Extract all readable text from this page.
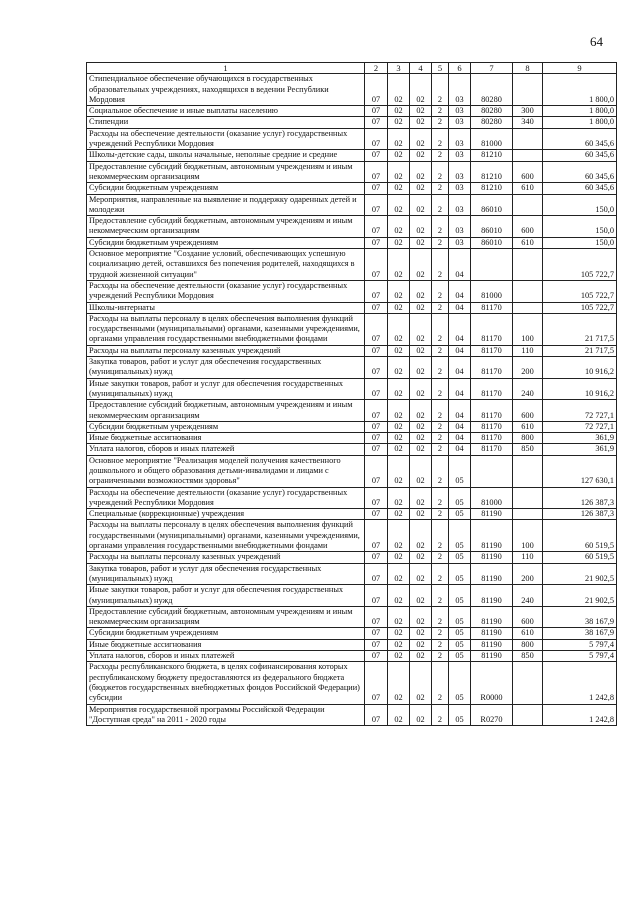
64
1	2	3	4	5	6	7	8	9
Стипендиальное обеспечение обучающихся в государственных образовательных учреждениях, находящихся в ведении Республики Мордовия	07	02	02	2	03	80280		1 800,0
Социальное обеспечение и иные выплаты населению	07	02	02	2	03	80280	300	1 800,0
Стипендии	07	02	02	2	03	80280	340	1 800,0
Расходы на обеспечение деятельности (оказание услуг) государственных учреждений Республики Мордовия	07	02	02	2	03	81000		60 345,6
Школы-детские сады, школы начальные, неполные средние и средние	07	02	02	2	03	81210		60 345,6
Предоставление субсидий бюджетным, автономным учреждениям и иным некоммерческим организациям	07	02	02	2	03	81210	600	60 345,6
Субсидии бюджетным учреждениям	07	02	02	2	03	81210	610	60 345,6
Мероприятия, направленные на выявление и поддержку одаренных детей и молодежи	07	02	02	2	03	86010		150,0
Предоставление субсидий бюджетным, автономным учреждениям и иным некоммерческим организациям	07	02	02	2	03	86010	600	150,0
Субсидии бюджетным учреждениям	07	02	02	2	03	86010	610	150,0
Основное мероприятие "Создание условий, обеспечивающих успешную социализацию детей, оставшихся без попечения родителей, находящихся в трудной жизненной ситуации"	07	02	02	2	04			105 722,7
Расходы на обеспечение деятельности (оказание услуг) государственных учреждений Республики Мордовия	07	02	02	2	04	81000		105 722,7
Школы-интернаты	07	02	02	2	04	81170		105 722,7
Расходы на выплаты персоналу в целях обеспечения выполнения функций государственными (муниципальными) органами, казенными учреждениями, органами управления государственными внебюджетными фондами	07	02	02	2	04	81170	100	21 717,5
Расходы на выплаты персоналу казенных учреждений	07	02	02	2	04	81170	110	21 717,5
Закупка товаров, работ и услуг для обеспечения государственных (муниципальных) нужд	07	02	02	2	04	81170	200	10 916,2
Иные закупки товаров, работ и услуг для обеспечения государственных (муниципальных) нужд	07	02	02	2	04	81170	240	10 916,2
Предоставление субсидий бюджетным, автономным учреждениям и иным некоммерческим организациям	07	02	02	2	04	81170	600	72 727,1
Субсидии бюджетным учреждениям	07	02	02	2	04	81170	610	72 727,1
Иные бюджетные ассигнования	07	02	02	2	04	81170	800	361,9
Уплата налогов, сборов и иных платежей	07	02	02	2	04	81170	850	361,9
Основное мероприятие "Реализация моделей получения качественного дошкольного и общего образования детьми-инвалидами и лицами с ограниченными возможностями здоровья"	07	02	02	2	05			127 630,1
Расходы на обеспечение деятельности (оказание услуг) государственных учреждений Республики Мордовия	07	02	02	2	05	81000		126 387,3
Специальные (коррекционные) учреждения	07	02	02	2	05	81190		126 387,3
Расходы на выплаты персоналу в целях обеспечения выполнения функций государственными (муниципальными) органами, казенными учреждениями, органами управления государственными внебюджетными фондами	07	02	02	2	05	81190	100	60 519,5
Расходы на выплаты персоналу казенных учреждений	07	02	02	2	05	81190	110	60 519,5
Закупка товаров, работ и услуг для обеспечения государственных (муниципальных) нужд	07	02	02	2	05	81190	200	21 902,5
Иные закупки товаров, работ и услуг для обеспечения государственных (муниципальных) нужд	07	02	02	2	05	81190	240	21 902,5
Предоставление субсидий бюджетным, автономным учреждениям и иным некоммерческим организациям	07	02	02	2	05	81190	600	38 167,9
Субсидии бюджетным учреждениям	07	02	02	2	05	81190	610	38 167,9
Иные бюджетные ассигнования	07	02	02	2	05	81190	800	5 797,4
Уплата налогов, сборов и иных платежей	07	02	02	2	05	81190	850	5 797,4
Расходы республиканского бюджета, в целях софинансирования которых республиканскому бюджету предоставляются из федерального бюджета (бюджетов государственных внебюджетных фондов Российской Федерации) субсидии	07	02	02	2	05	R0000		1 242,8
Мероприятия государственной программы Российской Федерации "Доступная среда" на 2011 - 2020 годы	07	02	02	2	05	R0270		1 242,8
